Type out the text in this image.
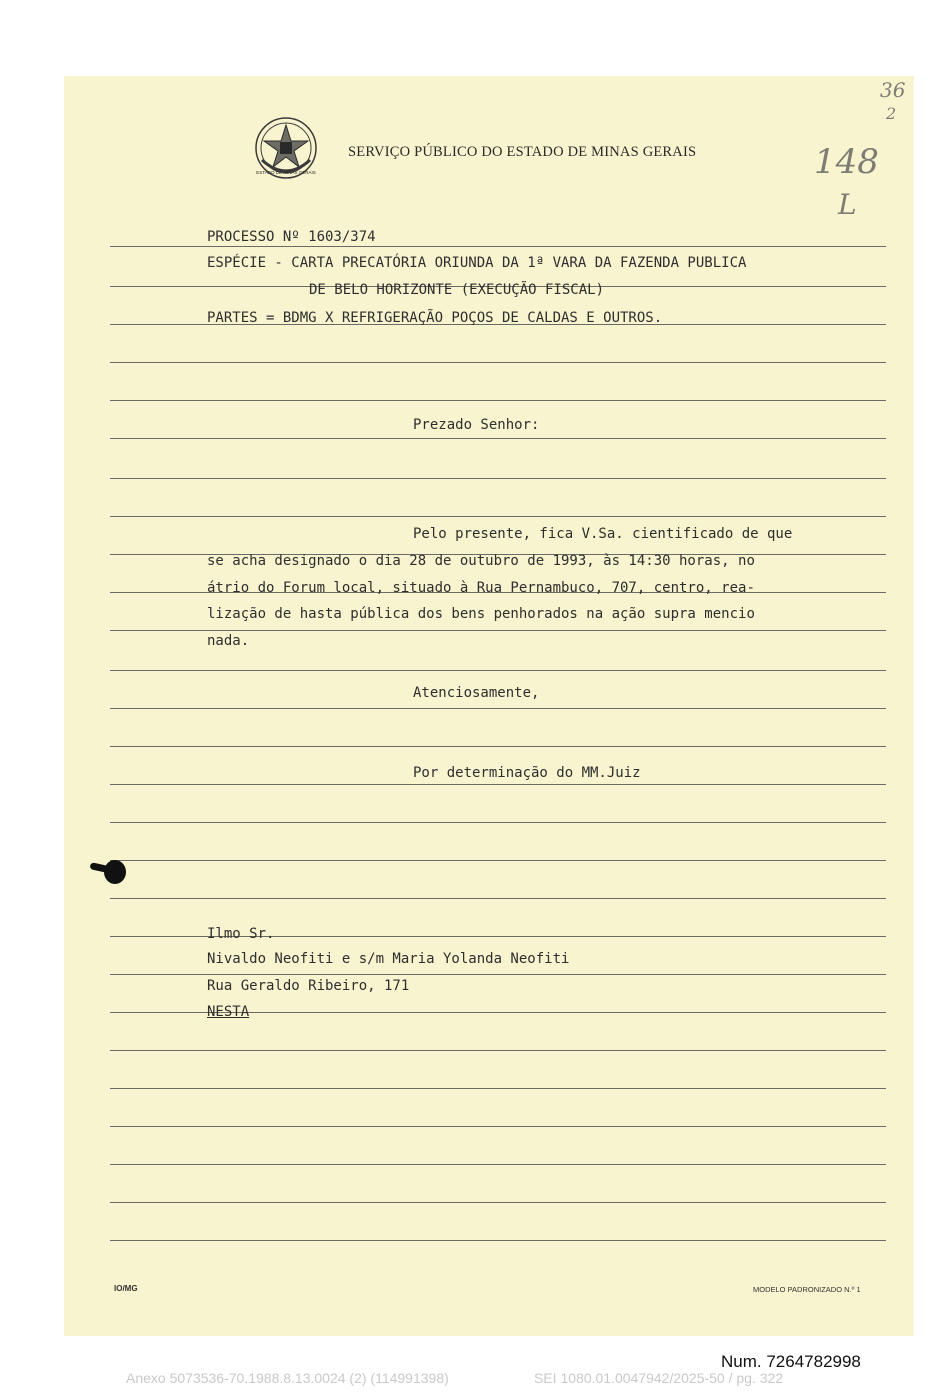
ESTADO DE MINAS GERAIS
SERVIÇO PÚBLICO DO ESTADO DE MINAS GERAIS	148
L
36
2
PROCESSO Nº 1603/374
ESPÉCIE - CARTA PRECATÓRIA ORIUNDA DA 1ª VARA DA FAZENDA PUBLICA
DE BELO HORIZONTE (EXECUÇÃO FISCAL)
PARTES = BDMG X REFRIGERAÇÃO POÇOS DE CALDAS E OUTROS.
Prezado Senhor:
Pelo presente, fica V.Sa. cientificado de que
se acha designado o dia 28 de outubro de 1993, às 14:30 horas, no
átrio do Forum local, situado à Rua Pernambuco, 707, centro, rea-
lização de hasta pública dos bens penhorados na ação supra mencio
nada.
Atenciosamente,
Por determinação do MM.Juiz
Ilmo Sr.
Nivaldo Neofiti e s/m Maria Yolanda Neofiti
Rua Geraldo Ribeiro, 171
NESTA
IO/MG	MODELO PADRONIZADO N.º 1
Num. 7264782998
Anexo 5073536-70.1988.8.13.0024 (2) (114991398)	SEI 1080.01.0047942/2025-50 / pg. 322
